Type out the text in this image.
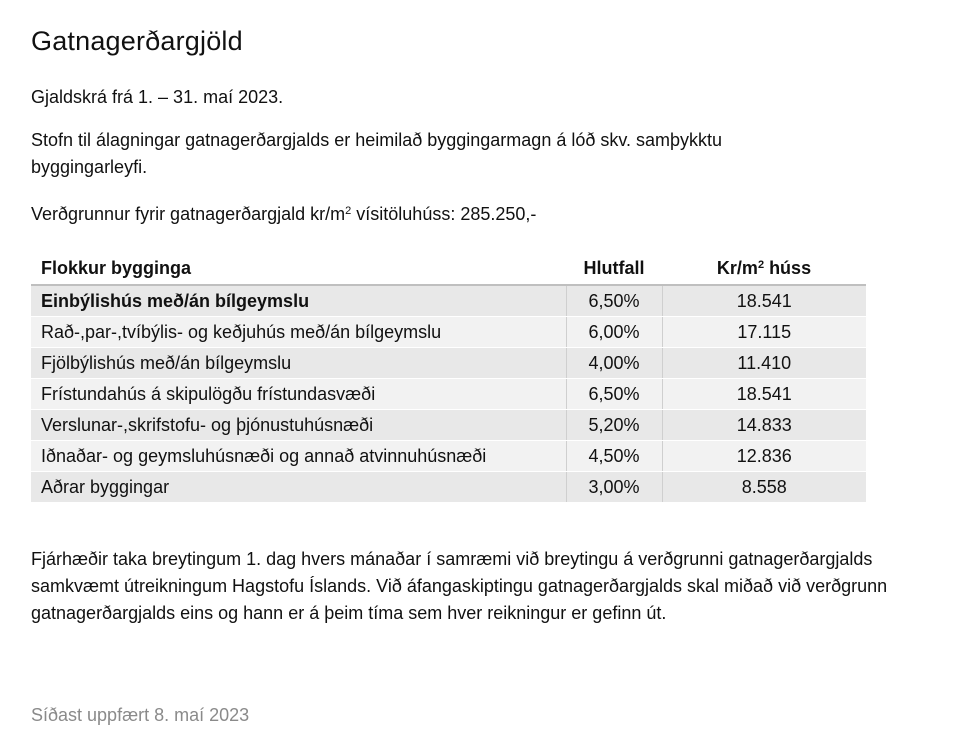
Gatnagerðargjöld

Gjaldskrá frá 1. – 31. maí 2023.

Stofn til álagningar gatnagerðargjalds er heimilað byggingarmagn á lóð skv. samþykktu byggingarleyfi.

Verðgrunnur fyrir gatnagerðargjald $kr/m^2$ vísitöluhúss: 285.250,-

Flokkur bygginga	Hlutfall	$Kr/m^2$ húss
Einbýlishús með/án bílgeymslu	6,50%	18.541
Rað-,par-,tvíbýlis- og keðjuhús með/án bílgeymslu	6,00%	17.115
Fjölbýlishús með/án bílgeymslu	4,00%	11.410
Frístundahús á skipulögðu frístundasvæði	6,50%	18.541
Verslunar-,skrifstofu- og þjónustuhúsnæði	5,20%	14.833
Iðnaðar- og geymsluhúsnæði og annað atvinnuhúsnæði	4,50%	12.836
Aðrar byggingar	3,00%	8.558

Fjárhæðir taka breytingum 1. dag hvers mánaðar í samræmi við breytingu á verðgrunni gatnagerðargjalds samkvæmt útreikningum Hagstofu Íslands. Við áfangaskiptingu gatnagerðargjalds skal miðað við verðgrunn gatnagerðargjalds eins og hann er á þeim tíma sem hver reikningur er gefinn út.

Síðast uppfært 8. maí 2023
